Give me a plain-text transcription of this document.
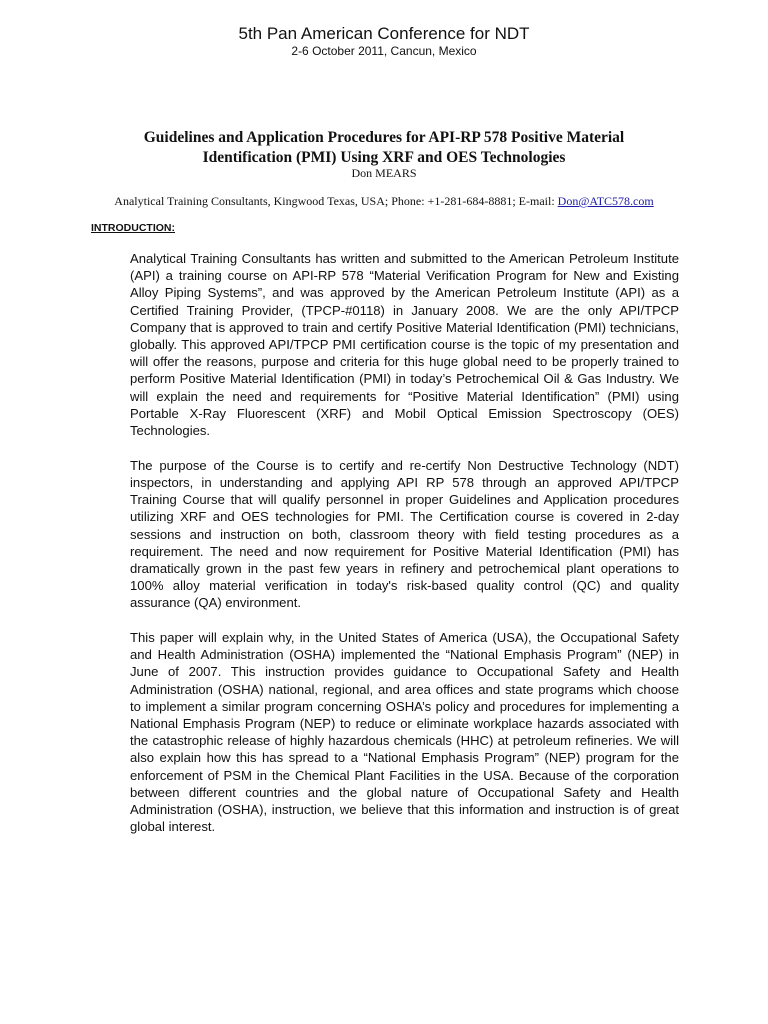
5th Pan American Conference for NDT
2-6 October 2011, Cancun, Mexico
Guidelines and Application Procedures for API-RP 578 Positive Material
Identification (PMI) Using XRF and OES Technologies
Don MEARS
Analytical Training Consultants, Kingwood Texas, USA; Phone: +1-281-684-8881; E-mail: Don@ATC578.com
INTRODUCTION:

Analytical Training Consultants has written and submitted to the American Petroleum Institute (API) a training course on API-RP 578 “Material Verification Program for New and Existing Alloy Piping Systems”, and was approved by the American Petroleum Institute (API) as a Certified Training Provider, (TPCP-#0118) in January 2008. We are the only API/TPCP Company that is approved to train and certify Positive Material Identification (PMI) technicians, globally. This approved API/TPCP PMI certification course is the topic of my presentation and will offer the reasons, purpose and criteria for this huge global need to be properly trained to perform Positive Material Identification (PMI) in today’s Petrochemical Oil & Gas Industry. We will explain the need and requirements for “Positive Material Identification” (PMI) using Portable X-Ray Fluorescent (XRF) and Mobil Optical Emission Spectroscopy (OES) Technologies.

The purpose of the Course is to certify and re-certify Non Destructive Technology (NDT) inspectors, in understanding and applying API RP 578 through an approved API/TPCP Training Course that will qualify personnel in proper Guidelines and Application procedures utilizing XRF and OES technologies for PMI. The Certification course is covered in 2-day sessions and instruction on both, classroom theory with field testing procedures as a requirement. The need and now requirement for Positive Material Identification (PMI) has dramatically grown in the past few years in refinery and petrochemical plant operations to 100% alloy material verification in today's risk-based quality control (QC) and quality assurance (QA) environment.

This paper will explain why, in the United States of America (USA), the Occupational Safety and Health Administration (OSHA) implemented the “National Emphasis Program” (NEP) in June of 2007. This instruction provides guidance to Occupational Safety and Health Administration (OSHA) national, regional, and area offices and state programs which choose to implement a similar program concerning OSHA’s policy and procedures for implementing a National Emphasis Program (NEP) to reduce or eliminate workplace hazards associated with the catastrophic release of highly hazardous chemicals (HHC) at petroleum refineries. We will also explain how this has spread to a “National Emphasis Program” (NEP) program for the enforcement of PSM in the Chemical Plant Facilities in the USA. Because of the corporation between different countries and the global nature of Occupational Safety and Health Administration (OSHA), instruction, we believe that this information and instruction is of great global interest.
